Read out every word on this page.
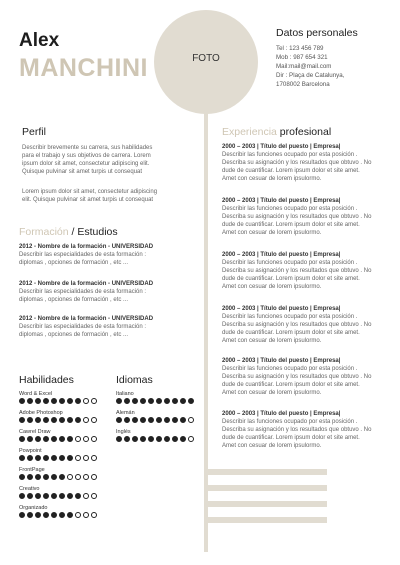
Alex
MANCHINI	FOTO
Datos personales
Tel : 123 456 789
Mob : 987 654 321
Mail:mail@mail.com
Dir : Plaça de Catalunya,
1708002 Barcelona
Perfil
Describir brevemente su carrera, sus habilidades
para el trabajo y sus objetivos de carrera. Lorem
ipsum dolor sit amet, consectetur adipiscing elit.
Quisque pulvinar sit amet turpis ut consequat
Lorem ipsum dolor sit amet, consectetur adipiscing
elit. Quisque pulvinar sit amet turpis ut consequat
Formación / Estudios
2012 - Nombre de la formación - UNIVERSIDAD
Describir las especialidades de esta formación :
diplomas , opciones de formación , etc ...
2012 - Nombre de la formación - UNIVERSIDAD
Describir las especialidades de esta formación :
diplomas , opciones de formación , etc ...
2012 - Nombre de la formación - UNIVERSIDAD
Describir las especialidades de esta formación :
diplomas , opciones de formación , etc ...
Experiencia profesional
2000 – 2003 | Título del puesto | Empresa|
Describir las funciones ocupado por esta posición .
Describa su asignación y los resultados que obtuvo . No
dude de cuantificar. Lorem ipsum dolor et site amet.
Amet con cesuar de lorem ipsulormo.
2000 – 2003 | Título del puesto | Empresa|
Describir las funciones ocupado por esta posición .
Describa su asignación y los resultados que obtuvo . No
dude de cuantificar. Lorem ipsum dolor et site amet.
Amet con cesuar de lorem ipsulormo.
2000 – 2003 | Título del puesto | Empresa|
Describir las funciones ocupado por esta posición .
Describa su asignación y los resultados que obtuvo . No
dude de cuantificar. Lorem ipsum dolor et site amet.
Amet con cesuar de lorem ipsulormo.
2000 – 2003 | Título del puesto | Empresa|
Describir las funciones ocupado por esta posición .
Describa su asignación y los resultados que obtuvo . No
dude de cuantificar. Lorem ipsum dolor et site amet.
Amet con cesuar de lorem ipsulormo.
2000 – 2003 | Título del puesto | Empresa|
Describir las funciones ocupado por esta posición .
Describa su asignación y los resultados que obtuvo . No
dude de cuantificar. Lorem ipsum dolor et site amet.
Amet con cesuar de lorem ipsulormo.
2000 – 2003 | Título del puesto | Empresa|
Describir las funciones ocupado por esta posición .
Describa su asignación y los resultados que obtuvo . No
dude de cuantificar. Lorem ipsum dolor et site amet.
Amet con cesuar de lorem ipsulormo.
Habilidades
Word & Excel
Adobe Photoshop
Cawrel Draw
Powpoint
FrontPage
Creativo
Organizado
Idiomas
Italiano
Alemán
Inglés
